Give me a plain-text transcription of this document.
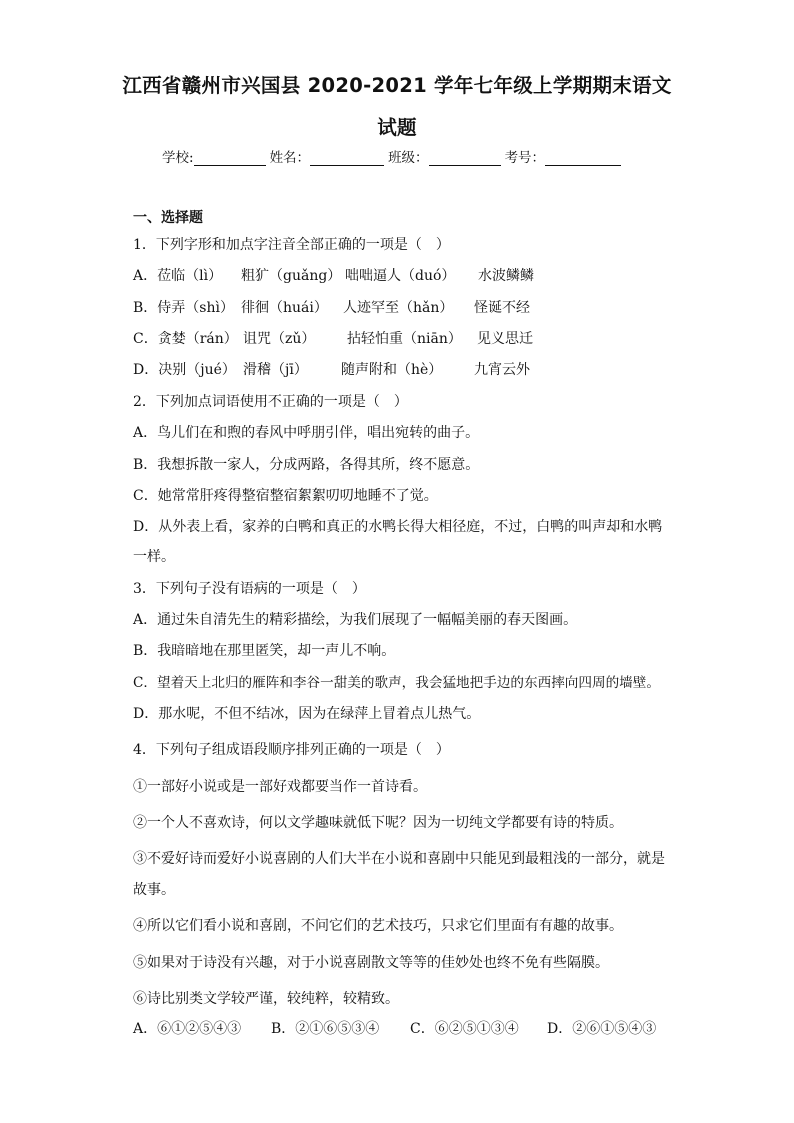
江西省赣州市兴国县 2020-2021 学年七年级上学期期末语文
试题
学校:	姓名：	班级：	考号：
一、选择题
1．下列字形和加点字注音全部正确的一项是（　）
A．莅临（lì） 粗犷（guǎng） 咄咄逼人（duó） 水波鳞鳞
B．侍弄（shì） 徘徊（huái） 人迹罕至（hǎn） 怪诞不经
C．贪婪（rán） 诅咒（zǔ） 拈轻怕重（niān） 见义思迁
D．决别（jué） 滑稽（jī） 随声附和（hè） 九宵云外
2．下列加点词语使用不正确的一项是（　）
A．鸟儿们在和煦的春风中呼朋引伴，唱出宛转的曲子。
B．我想拆散一家人，分成两路，各得其所，终不愿意。
C．她常常肝疼得整宿整宿絮絮叨叨地睡不了觉。
D．从外表上看，家养的白鸭和真正的水鸭长得大相径庭，不过，白鸭的叫声却和水鸭
一样。
3．下列句子没有语病的一项是（　）
A．通过朱自清先生的精彩描绘，为我们展现了一幅幅美丽的春天图画。
B．我暗暗地在那里匿笑，却一声儿不响。
C．望着天上北归的雁阵和李谷一甜美的歌声，我会猛地把手边的东西摔向四周的墙壁。
D．那水呢，不但不结冰，因为在绿萍上冒着点儿热气。
4．下列句子组成语段顺序排列正确的一项是（　）
①一部好小说或是一部好戏都要当作一首诗看。
②一个人不喜欢诗，何以文学趣味就低下呢？因为一切纯文学都要有诗的特质。
③不爱好诗而爱好小说喜剧的人们大半在小说和喜剧中只能见到最粗浅的一部分，就是
故事。
④所以它们看小说和喜剧，不问它们的艺术技巧，只求它们里面有有趣的故事。
⑤如果对于诗没有兴趣，对于小说喜剧散文等等的佳妙处也终不免有些隔膜。
⑥诗比别类文学较严谨，较纯粹，较精致。
A．⑥①②⑤④③ B．②①⑥⑤③④ C．⑥②⑤①③④ D．②⑥①⑤④③
